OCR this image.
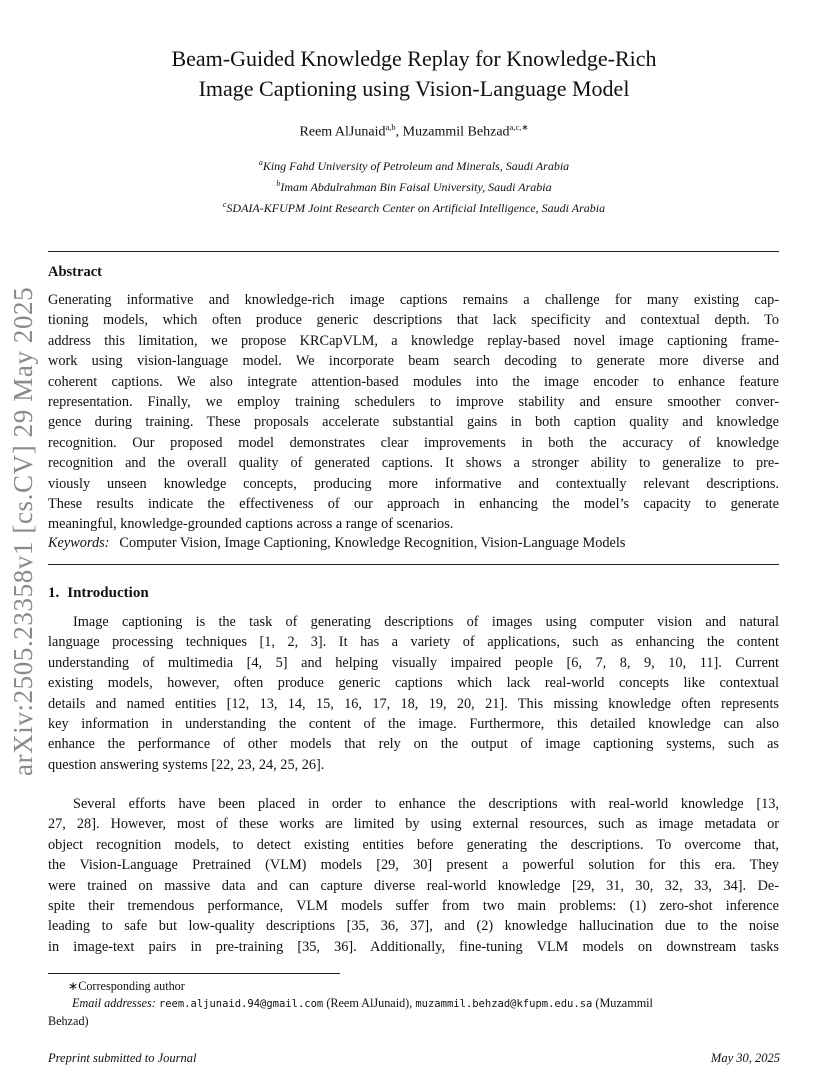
arXiv:2505.23358v1 [cs.CV] 29 May 2025
Beam-Guided Knowledge Replay for Knowledge-Rich
Image Captioning using Vision-Language Model
Reem AlJunaid$^{a,b}$, Muzammil Behzad$^{a,c,∗}$
$^a$King Fahd University of Petroleum and Minerals, Saudi Arabia
$^b$Imam Abdulrahman Bin Faisal University, Saudi Arabia
$^c$SDAIA-KFUPM Joint Research Center on Artificial Intelligence, Saudi Arabia
Abstract
Generating informative and knowledge-rich image captions remains a challenge for many existing cap-
tioning models, which often produce generic descriptions that lack specificity and contextual depth. To
address this limitation, we propose KRCapVLM, a knowledge replay-based novel image captioning frame-
work using vision-language model. We incorporate beam search decoding to generate more diverse and
coherent captions. We also integrate attention-based modules into the image encoder to enhance feature
representation. Finally, we employ training schedulers to improve stability and ensure smoother conver-
gence during training. These proposals accelerate substantial gains in both caption quality and knowledge
recognition. Our proposed model demonstrates clear improvements in both the accuracy of knowledge
recognition and the overall quality of generated captions. It shows a stronger ability to generalize to pre-
viously unseen knowledge concepts, producing more informative and contextually relevant descriptions.
These results indicate the effectiveness of our approach in enhancing the model’s capacity to generate
meaningful, knowledge-grounded captions across a range of scenarios.
Keywords: Computer Vision, Image Captioning, Knowledge Recognition, Vision-Language Models
1. Introduction
Image captioning is the task of generating descriptions of images using computer vision and natural
language processing techniques [1, 2, 3]. It has a variety of applications, such as enhancing the content
understanding of multimedia [4, 5] and helping visually impaired people [6, 7, 8, 9, 10, 11]. Current
existing models, however, often produce generic captions which lack real-world concepts like contextual
details and named entities [12, 13, 14, 15, 16, 17, 18, 19, 20, 21]. This missing knowledge often represents
key information in understanding the content of the image. Furthermore, this detailed knowledge can also
enhance the performance of other models that rely on the output of image captioning systems, such as
question answering systems [22, 23, 24, 25, 26].
Several efforts have been placed in order to enhance the descriptions with real-world knowledge [13,
27, 28]. However, most of these works are limited by using external resources, such as image metadata or
object recognition models, to detect existing entities before generating the descriptions. To overcome that,
the Vision-Language Pretrained (VLM) models [29, 30] present a powerful solution for this era. They
were trained on massive data and can capture diverse real-world knowledge [29, 31, 30, 32, 33, 34]. De-
spite their tremendous performance, VLM models suffer from two main problems: (1) zero-shot inference
leading to safe but low-quality descriptions [35, 36, 37], and (2) knowledge hallucination due to the noise
in image-text pairs in pre-training [35, 36]. Additionally, fine-tuning VLM models on downstream tasks
∗Corresponding author
Email addresses: reem.aljunaid.94@gmail.com (Reem AlJunaid), muzammil.behzad@kfupm.edu.sa (Muzammil
Behzad)
Preprint submitted to Journal	May 30, 2025
